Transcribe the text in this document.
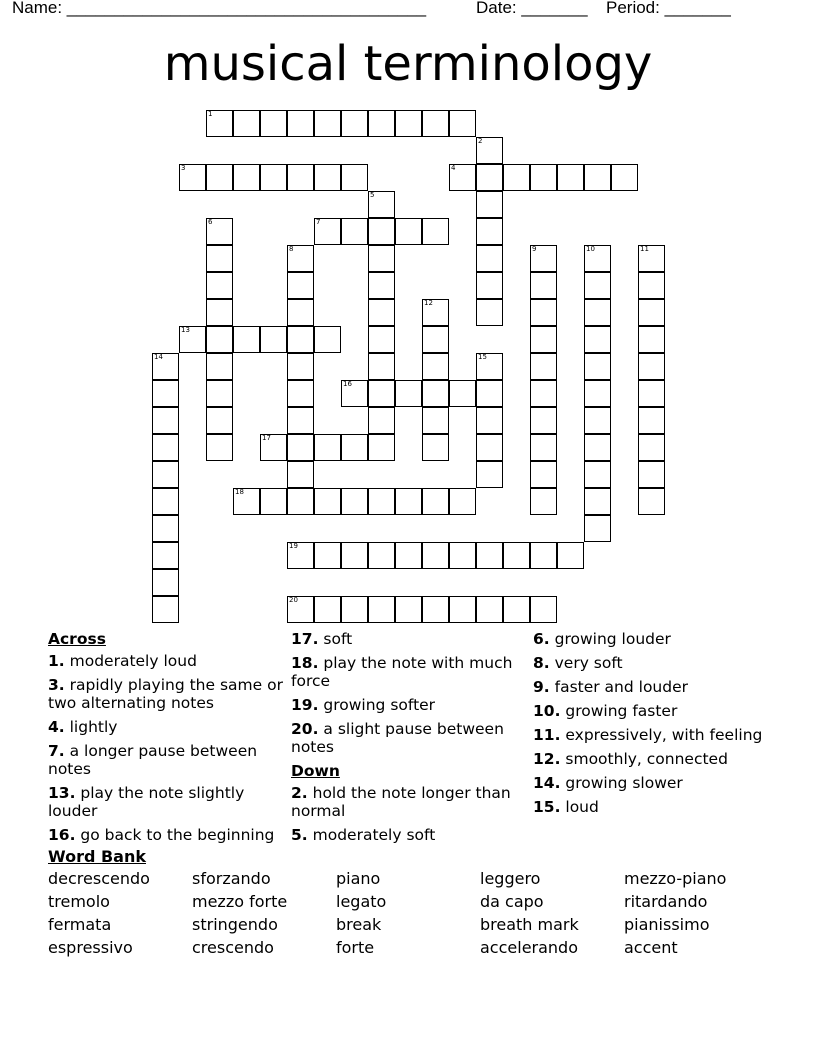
Name: ______________________________________	Date: _______ Period: _______
musical terminology
1
2
3	4
5
6	7
8	9	10	11
12
13
14	15
16
17
18
19
20
Across
1. moderately loud
3. rapidly playing the same or two alternating notes
4. lightly
7. a longer pause between notes
13. play the note slightly louder
16. go back to the beginning
17. soft
18. play the note with much force
19. growing softer
20. a slight pause between notes
Down
2. hold the note longer than normal
5. moderately soft
6. growing louder
8. very soft
9. faster and louder
10. growing faster
11. expressively, with feeling
12. smoothly, connected
14. growing slower
15. loud
Word Bank
decrescendo	sforzando	piano	leggero	mezzo-piano
tremolo	mezzo forte	legato	da capo	ritardando
fermata	stringendo	break	breath mark	pianissimo
espressivo	crescendo	forte	accelerando	accent
